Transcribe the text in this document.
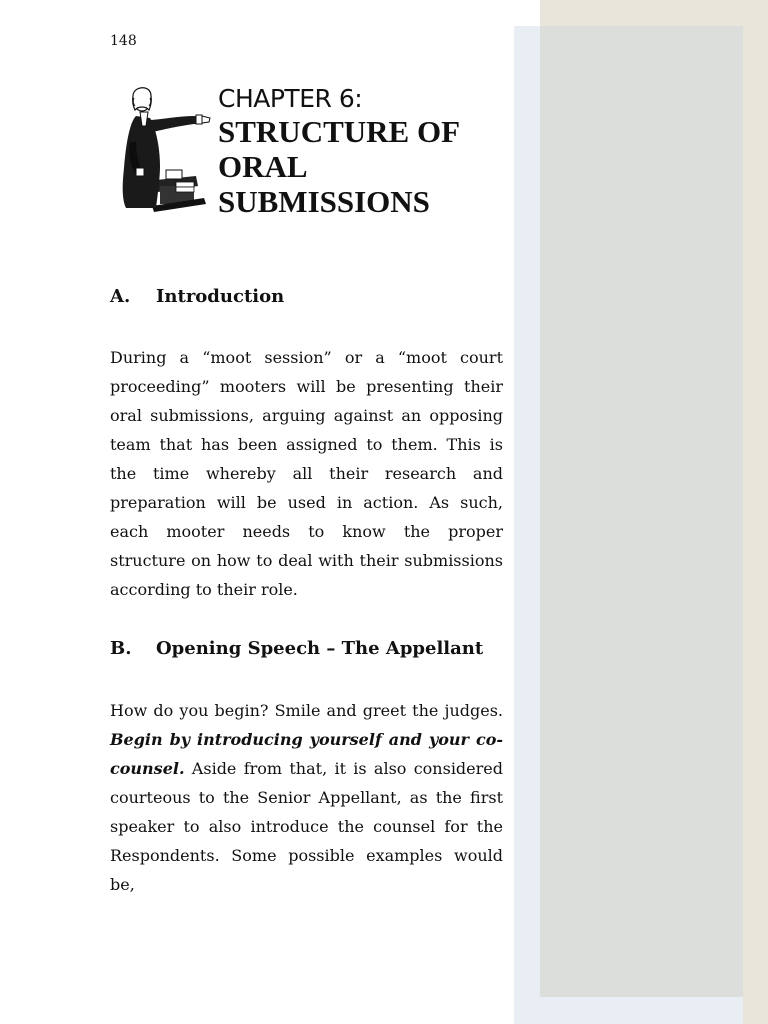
148
CHAPTER 6:
STRUCTURE OF
ORAL
SUBMISSIONS
A.	Introduction

During a “moot session” or a “moot court proceeding” mooters will be presenting their oral submissions, arguing against an opposing team that has been assigned to them. This is the time whereby all their research and preparation will be used in action. As such, each mooter needs to know the proper structure on how to deal with their submissions according to their role.

B.	Opening Speech – The Appellant

How do you begin? Smile and greet the judges. Begin by introducing yourself and your co-counsel. Aside from that, it is also considered courteous to the Senior Appellant, as the first speaker to also introduce the counsel for the Respondents. Some possible examples would be,
